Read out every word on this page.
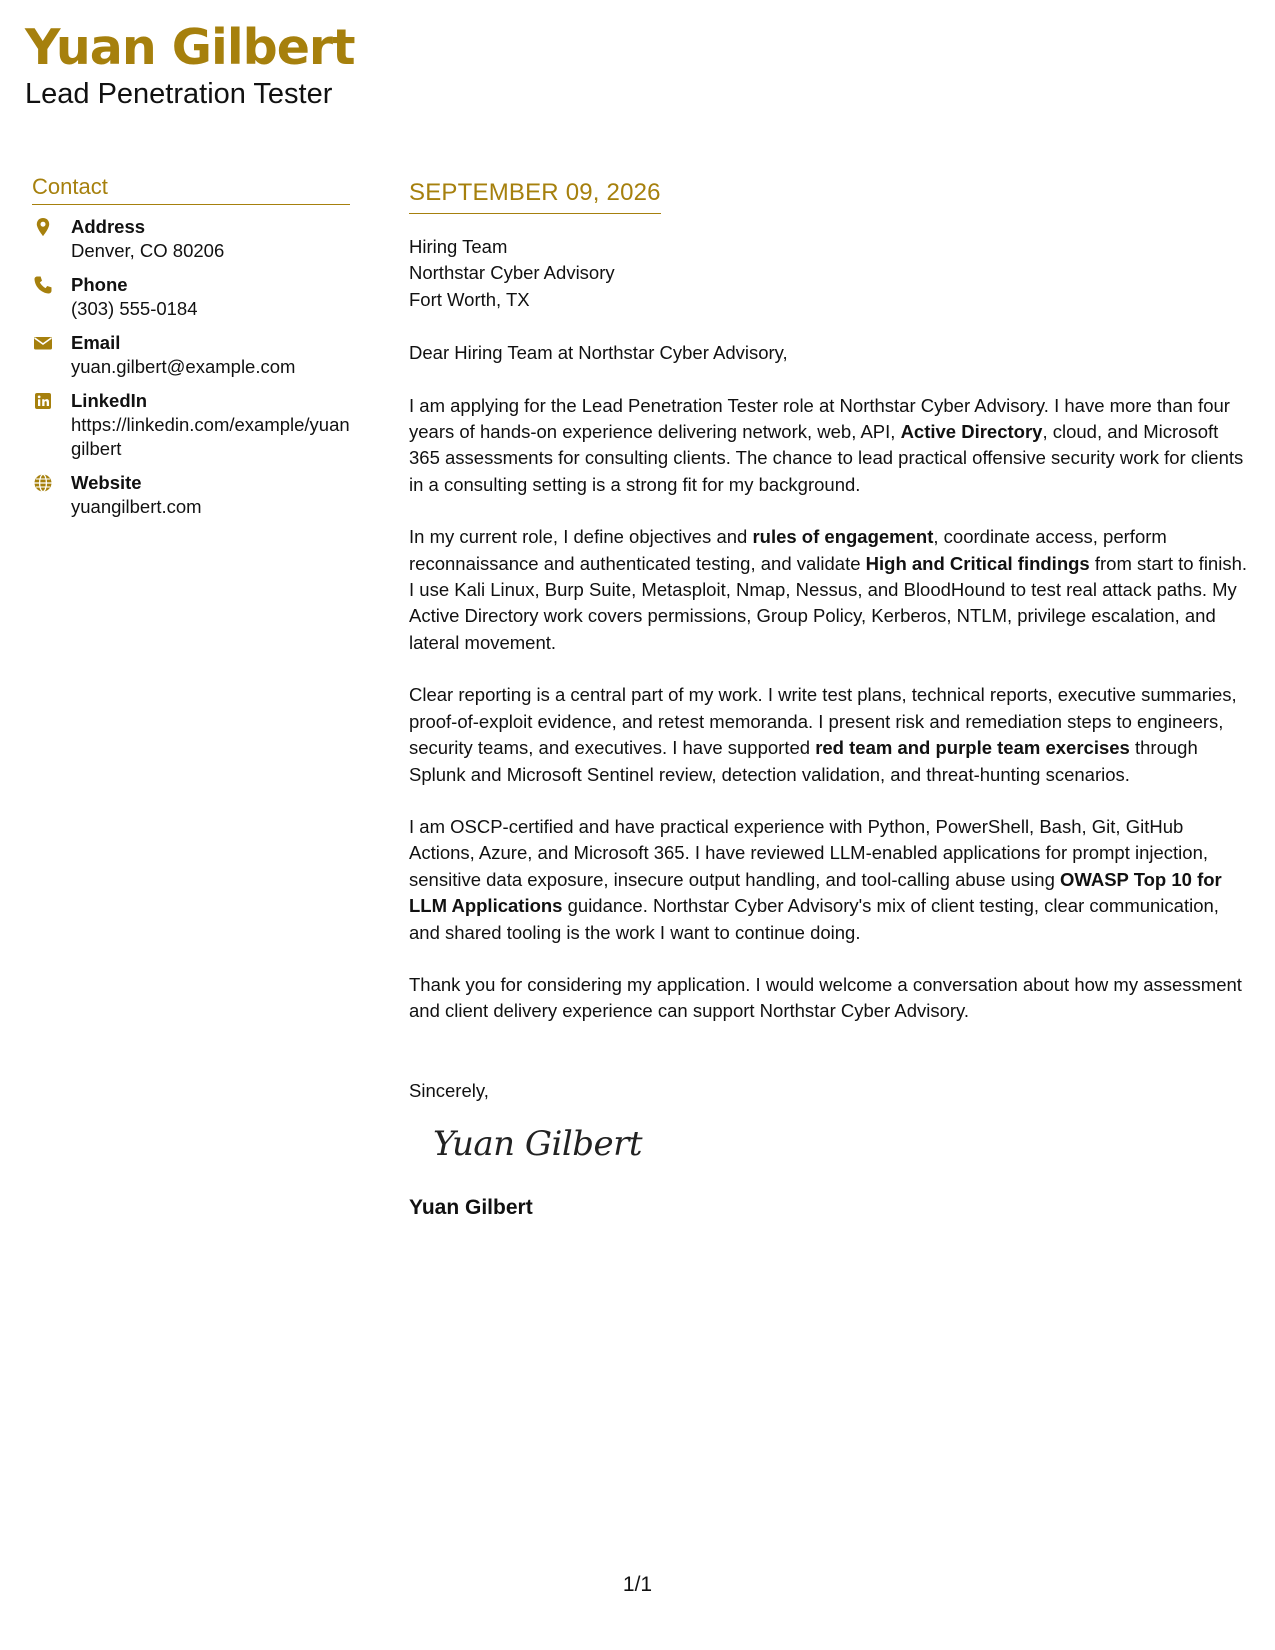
Yuan Gilbert
Lead Penetration Tester
Contact
Address
Denver, CO 80206
Phone
(303) 555-0184
Email
yuan.gilbert@example.com
LinkedIn
https://linkedin.com/example/yuangilbert
Website
yuangilbert.com
SEPTEMBER 09, 2026
Hiring Team
Northstar Cyber Advisory
Fort Worth, TX
Dear Hiring Team at Northstar Cyber Advisory,
I am applying for the Lead Penetration Tester role at Northstar Cyber Advisory. I have more than four years of hands-on experience delivering network, web, API, Active Directory, cloud, and Microsoft 365 assessments for consulting clients. The chance to lead practical offensive security work for clients in a consulting setting is a strong fit for my background.
In my current role, I define objectives and rules of engagement, coordinate access, perform reconnaissance and authenticated testing, and validate High and Critical findings from start to finish. I use Kali Linux, Burp Suite, Metasploit, Nmap, Nessus, and BloodHound to test real attack paths. My Active Directory work covers permissions, Group Policy, Kerberos, NTLM, privilege escalation, and lateral movement.
Clear reporting is a central part of my work. I write test plans, technical reports, executive summaries, proof-of-exploit evidence, and retest memoranda. I present risk and remediation steps to engineers, security teams, and executives. I have supported red team and purple team exercises through Splunk and Microsoft Sentinel review, detection validation, and threat-hunting scenarios.
I am OSCP-certified and have practical experience with Python, PowerShell, Bash, Git, GitHub Actions, Azure, and Microsoft 365. I have reviewed LLM-enabled applications for prompt injection, sensitive data exposure, insecure output handling, and tool-calling abuse using OWASP Top 10 for LLM Applications guidance. Northstar Cyber Advisory's mix of client testing, clear communication, and shared tooling is the work I want to continue doing.
Thank you for considering my application. I would welcome a conversation about how my assessment and client delivery experience can support Northstar Cyber Advisory.
Sincerely,
Yuan Gilbert
Yuan Gilbert
1/1
